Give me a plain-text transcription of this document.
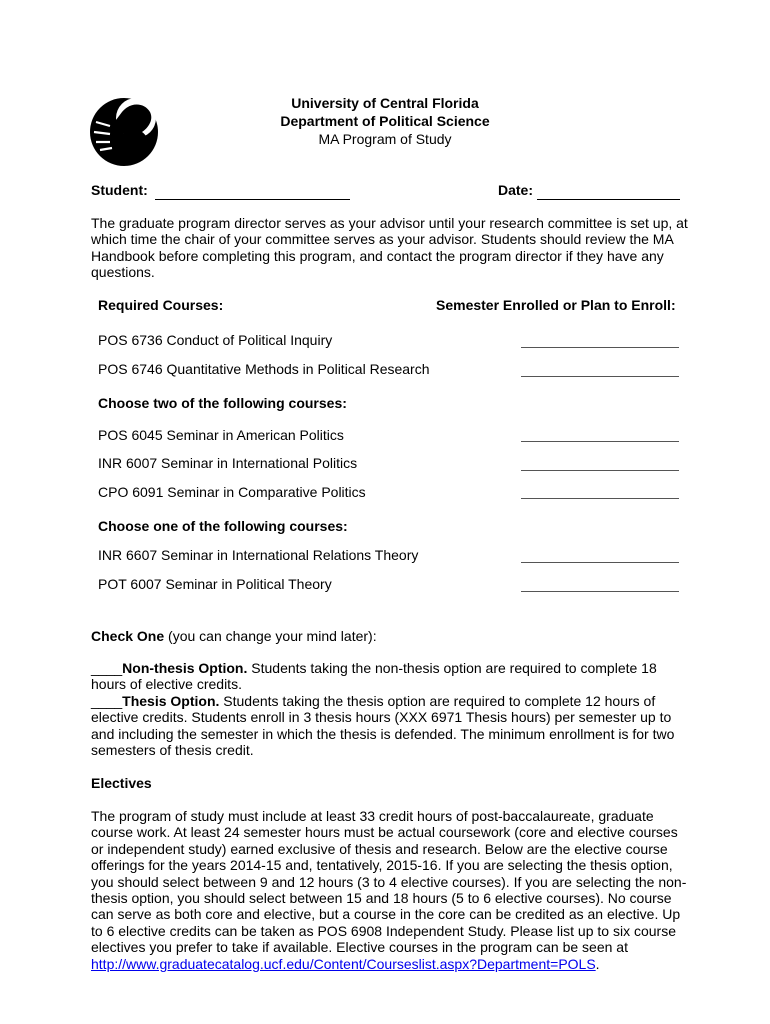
University of Central Florida
Department of Political Science
MA Program of Study
Student:	Date:
The graduate program director serves as your advisor until your research committee is set up, at which time the chair of your committee serves as your advisor. Students should review the MA Handbook before completing this program, and contact the program director if they have any questions.
Required Courses:	Semester Enrolled or Plan to Enroll:
POS 6736 Conduct of Political Inquiry
POS 6746 Quantitative Methods in Political Research
Choose two of the following courses:
POS 6045 Seminar in American Politics
INR 6007 Seminar in International Politics
CPO 6091 Seminar in Comparative Politics
Choose one of the following courses:
INR 6607 Seminar in International Relations Theory
POT 6007 Seminar in Political Theory
Check One (you can change your mind later):
____Non-thesis Option. Students taking the non-thesis option are required to complete 18 hours of elective credits.
____Thesis Option. Students taking the thesis option are required to complete 12 hours of elective credits. Students enroll in 3 thesis hours (XXX 6971 Thesis hours) per semester up to and including the semester in which the thesis is defended. The minimum enrollment is for two semesters of thesis credit.
Electives
The program of study must include at least 33 credit hours of post-baccalaureate, graduate course work. At least 24 semester hours must be actual coursework (core and elective courses or independent study) earned exclusive of thesis and research. Below are the elective course offerings for the years 2014-15 and, tentatively, 2015-16. If you are selecting the thesis option, you should select between 9 and 12 hours (3 to 4 elective courses). If you are selecting the non-thesis option, you should select between 15 and 18 hours (5 to 6 elective courses). No course can serve as both core and elective, but a course in the core can be credited as an elective. Up to 6 elective credits can be taken as POS 6908 Independent Study. Please list up to six course electives you prefer to take if available. Elective courses in the program can be seen at http://www.graduatecatalog.ucf.edu/Content/Courseslist.aspx?Department=POLS.
